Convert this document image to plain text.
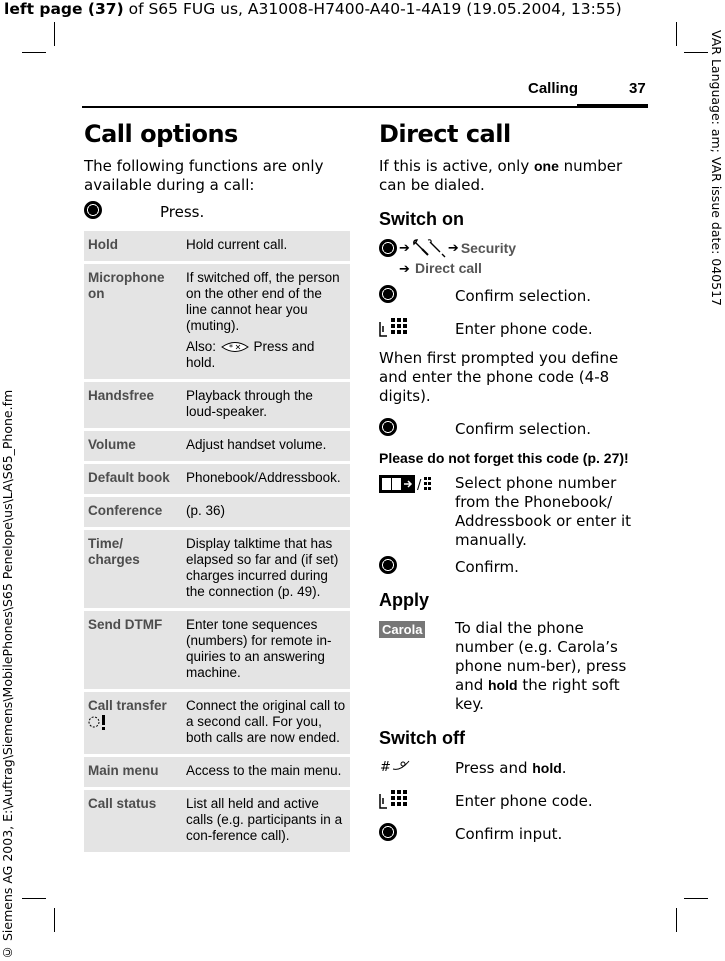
left page (37) of S65 FUG us, A31008-H7400-A40-1-4A19 (19.05.2004, 13:55)
VAR Language: am; VAR issue date: 040517
© Siemens AG 2003, E:\Auftrag\Siemens\MobilePhones\S65 Penelope\us\LA\S65_Phone.fm
Calling	37
Call options

The following functions are only available during a call:

Press.
Hold	Hold current call.
Microphone on	If switched off, the person on the other end of the line cannot hear you (muting).
Also: * Press and hold.

Handsfree	Playback through the loud-speaker.
Volume	Adjust handset volume.
Default book	Phonebook/Addressbook.
Conference	(p. 36)
Time/ charges	Display talktime that has elapsed so far and (if set) charges incurred during the connection (p. 49).
Send DTMF	Enter tone sequences (numbers) for remote in-quiries to an answering machine.

Call transfer	Connect the original call to a second call. For you, both calls are now ended.
Main menu	Access to the main menu.
Call status	List all held and active calls (e.g. participants in a con-ference call).
Direct call

If this is active, only one number can be dialed.

Switch on
➔	➔ Security
➔ Direct call
Confirm selection.
Enter phone code.

When first prompted you define and enter the phone code (4-8 digits).

Confirm selection.

Please do not forget this code (p. 27)!

/ Select phone number from the Phonebook/ Addressbook or enter it manually.
Confirm.
Apply
Carola	To dial the phone number (e.g. Carola’s phone num-ber), press and hold the right soft key.

Switch off
#	Press and hold.
Enter phone code.
Confirm input.
